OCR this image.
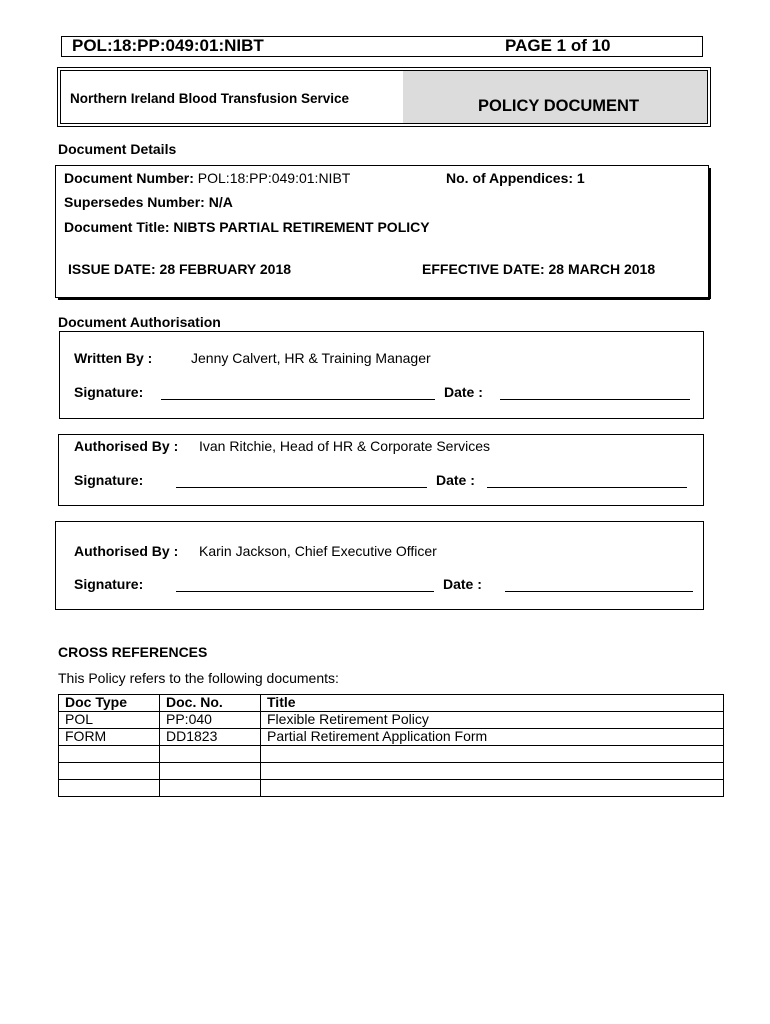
POL:18:PP:049:01:NIBT	PAGE 1 of 10
Northern Ireland Blood Transfusion Service	POLICY DOCUMENT
Document Details
Document Number: POL:18:PP:049:01:NIBT	No. of Appendices: 1
Supersedes Number: N/A
Document Title: NIBTS PARTIAL RETIREMENT POLICY
ISSUE DATE: 28 FEBRUARY 2018	EFFECTIVE DATE: 28 MARCH 2018
Document Authorisation
Written By :	Jenny Calvert, HR & Training Manager
Signature:	Date :
Authorised By : Ivan Ritchie, Head of HR & Corporate Services
Signature:	Date :
Authorised By : Karin Jackson, Chief Executive Officer
Signature:	Date :
CROSS REFERENCES
This Policy refers to the following documents:
Doc Type	Doc. No.	Title
POL	PP:040	Flexible Retirement Policy
FORM	DD1823	Partial Retirement Application Form
